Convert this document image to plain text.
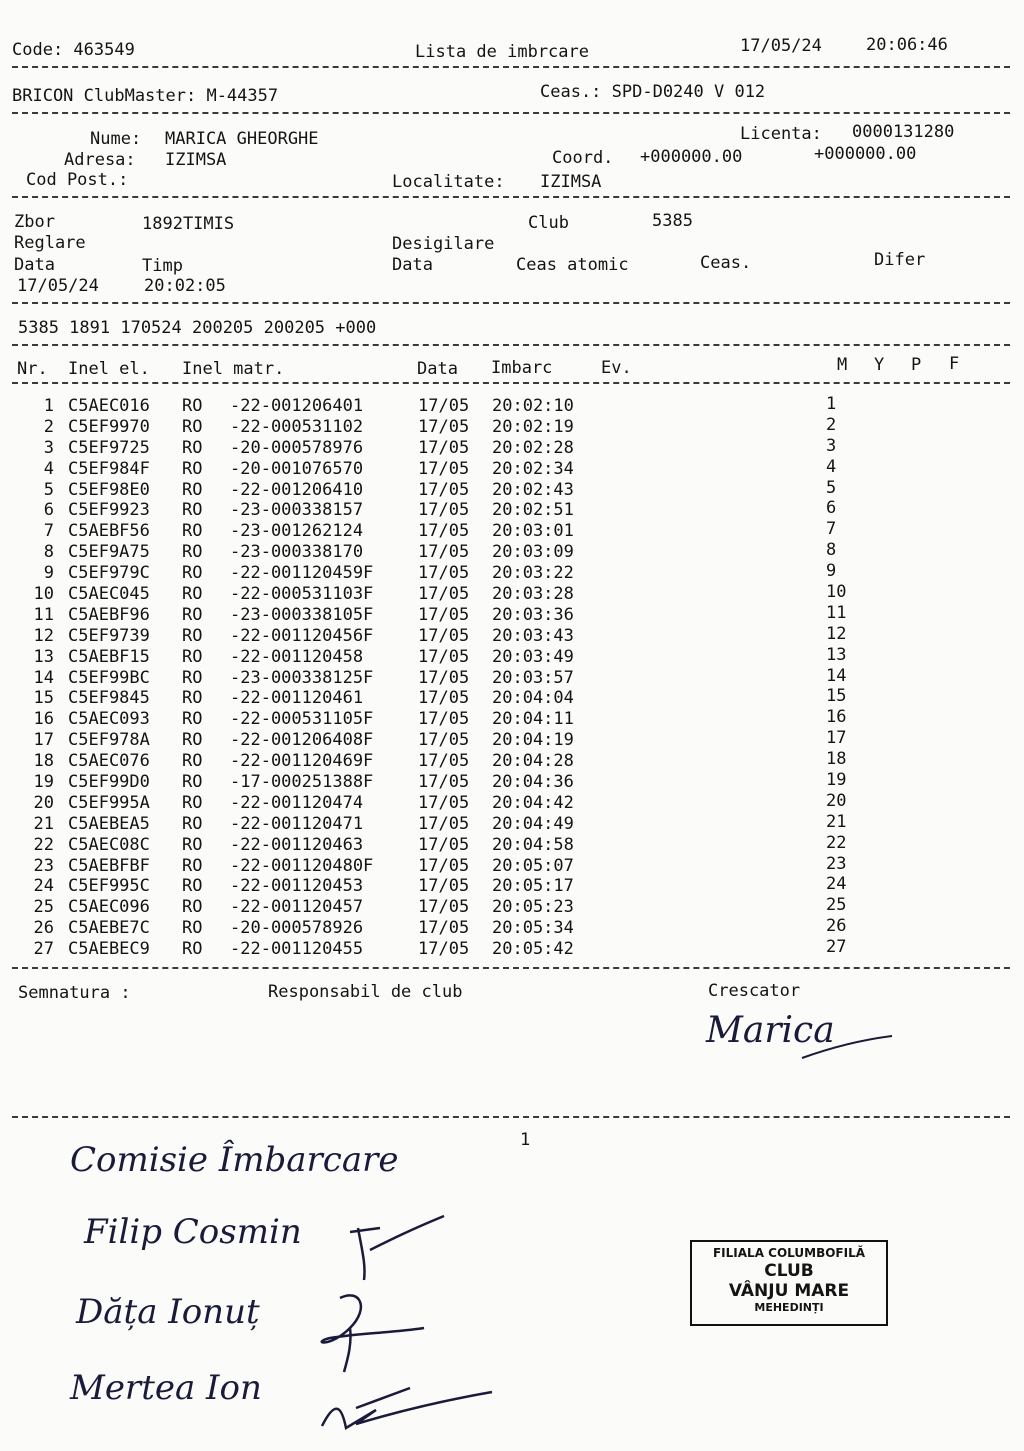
Code: 463549	Lista de imbrcare	17/05/24	20:06:46
BRICON ClubMaster: M-44357	Ceas.: SPD-D0240 V 012
Nume: MARICA GHEORGHE	Licenta: 0000131280
Adresa: IZIMSA	Coord. +000000.00	+000000.00
Cod Post.:	Localitate: IZIMSA
Zbor	1892TIMIS	Club	5385
Reglare	Desigilare
Data	Timp	Data	Ceas atomic	Ceas.	Difer
17/05/24	20:02:05
5385 1891 170524 200205 200205 +000
Nr. Inel el. Inel matr.	Data Imbarc	Ev.	M Y P F
1 C5AEC016 RO -22-001206401	17/05 20:02:10	1
2 C5EF9970 RO -22-000531102	17/05 20:02:19	2
3 C5EF9725 RO -20-000578976	17/05 20:02:28	3
4 C5EF984F RO -20-001076570	17/05 20:02:34	4
5 C5EF98E0 RO -22-001206410	17/05 20:02:43	5
6 C5EF9923 RO -23-000338157	17/05 20:02:51	6
7 C5AEBF56 RO -23-001262124	17/05 20:03:01	7
8 C5EF9A75 RO -23-000338170	17/05 20:03:09	8
9 C5EF979C RO -22-001120459F	17/05 20:03:22	9
10 C5AEC045 RO -22-000531103F	17/05 20:03:28	10
11 C5AEBF96 RO -23-000338105F	17/05 20:03:36	11
12 C5EF9739 RO -22-001120456F	17/05 20:03:43	12
13 C5AEBF15 RO -22-001120458	17/05 20:03:49	13
14 C5EF99BC RO -23-000338125F	17/05 20:03:57	14
15 C5EF9845 RO -22-001120461	17/05 20:04:04	15
16 C5AEC093 RO -22-000531105F	17/05 20:04:11	16
17 C5EF978A RO -22-001206408F	17/05 20:04:19	17
18 C5AEC076 RO -22-001120469F	17/05 20:04:28	18
19 C5EF99D0 RO -17-000251388F	17/05 20:04:36	19
20 C5EF995A RO -22-001120474	17/05 20:04:42	20
21 C5AEBEA5 RO -22-001120471	17/05 20:04:49	21
22 C5AEC08C RO -22-001120463	17/05 20:04:58	22
23 C5AEBFBF RO -22-001120480F	17/05 20:05:07	23
24 C5EF995C RO -22-001120453	17/05 20:05:17	24
25 C5AEC096 RO -22-001120457	17/05 20:05:23	25
26 C5AEBE7C RO -20-000578926	17/05 20:05:34	26
27 C5AEBEC9 RO -22-001120455	17/05 20:05:42	27
Semnatura :	Responsabil de club	Crescator
Marica
1
Comisie Îmbarcare
Filip Cosmin
Dăța Ionuț
Mertea Ion
FILIALA COLUMBOFILĂ
CLUB
VÂNJU MARE
MEHEDINȚI
